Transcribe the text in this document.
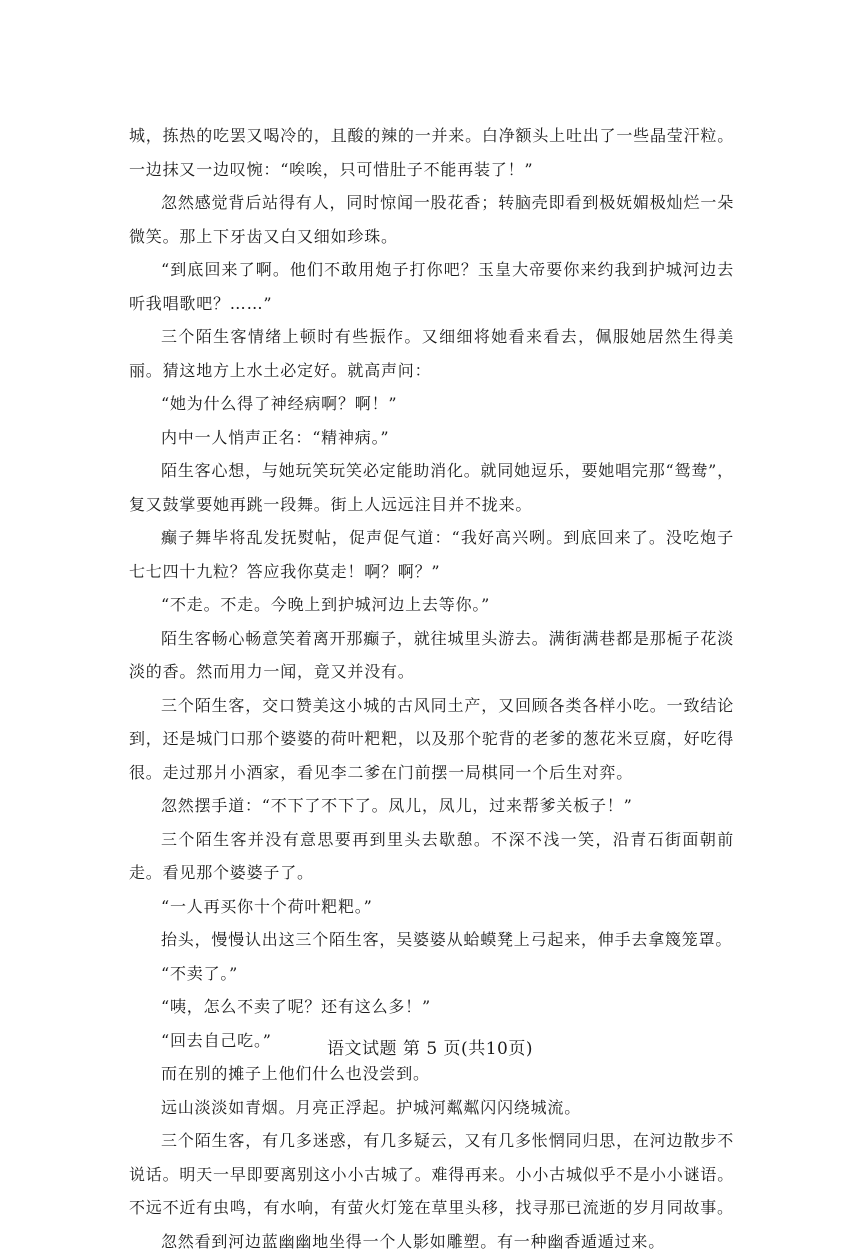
城，拣热的吃罢又喝冷的，且酸的辣的一并来。白净额头上吐出了一些晶莹汗粒。一边抹又一边叹惋：“唉唉，只可惜肚子不能再装了！”

忽然感觉背后站得有人，同时惊闻一股花香；转脑壳即看到极妩媚极灿烂一朵微笑。那上下牙齿又白又细如珍珠。

“到底回来了啊。他们不敢用炮子打你吧？玉皇大帝要你来约我到护城河边去听我唱歌吧？……”

三个陌生客情绪上顿时有些振作。又细细将她看来看去，佩服她居然生得美丽。猜这地方上水土必定好。就高声问：

“她为什么得了神经病啊？啊！”

内中一人悄声正名：“精神病。”

陌生客心想，与她玩笑玩笑必定能助消化。就同她逗乐，要她唱完那“鸳鸯”，复又鼓掌要她再跳一段舞。街上人远远注目并不拢来。

癫子舞毕将乱发抚熨帖，促声促气道：“我好高兴咧。到底回来了。没吃炮子七七四十九粒？答应我你莫走！啊？啊？”

“不走。不走。今晚上到护城河边上去等你。”

陌生客畅心畅意笑着离开那癫子，就往城里头游去。满街满巷都是那栀子花淡淡的香。然而用力一闻，竟又并没有。

三个陌生客，交口赞美这小城的古风同土产，又回顾各类各样小吃。一致结论到，还是城门口那个婆婆的荷叶粑粑，以及那个驼背的老爹的葱花米豆腐，好吃得很。走过那爿小酒家，看见李二爹在门前摆一局棋同一个后生对弈。

忽然摆手道：“不下了不下了。凤儿，凤儿，过来帮爹关板子！”

三个陌生客并没有意思要再到里头去歇憩。不深不浅一笑，沿青石街面朝前走。看见那个婆婆子了。

“一人再买你十个荷叶粑粑。”

抬头，慢慢认出这三个陌生客，吴婆婆从蛤蟆凳上弓起来，伸手去拿篾笼罩。

“不卖了。”

“咦，怎么不卖了呢？还有这么多！”

“回去自己吃。”

而在别的摊子上他们什么也没尝到。

远山淡淡如青烟。月亮正浮起。护城河粼粼闪闪绕城流。

三个陌生客，有几多迷惑，有几多疑云，又有几多怅惘同归思，在河边散步不说话。明天一早即要离别这小小古城了。难得再来。小小古城似乎不是小小谜语。不远不近有虫鸣，有水响，有萤火灯笼在草里头移，找寻那已流逝的岁月同故事。

忽然看到河边蓝幽幽地坐得一个人影如雕塑。有一种幽香遁遁过来。

语文试题 第 5 页(共10页)
